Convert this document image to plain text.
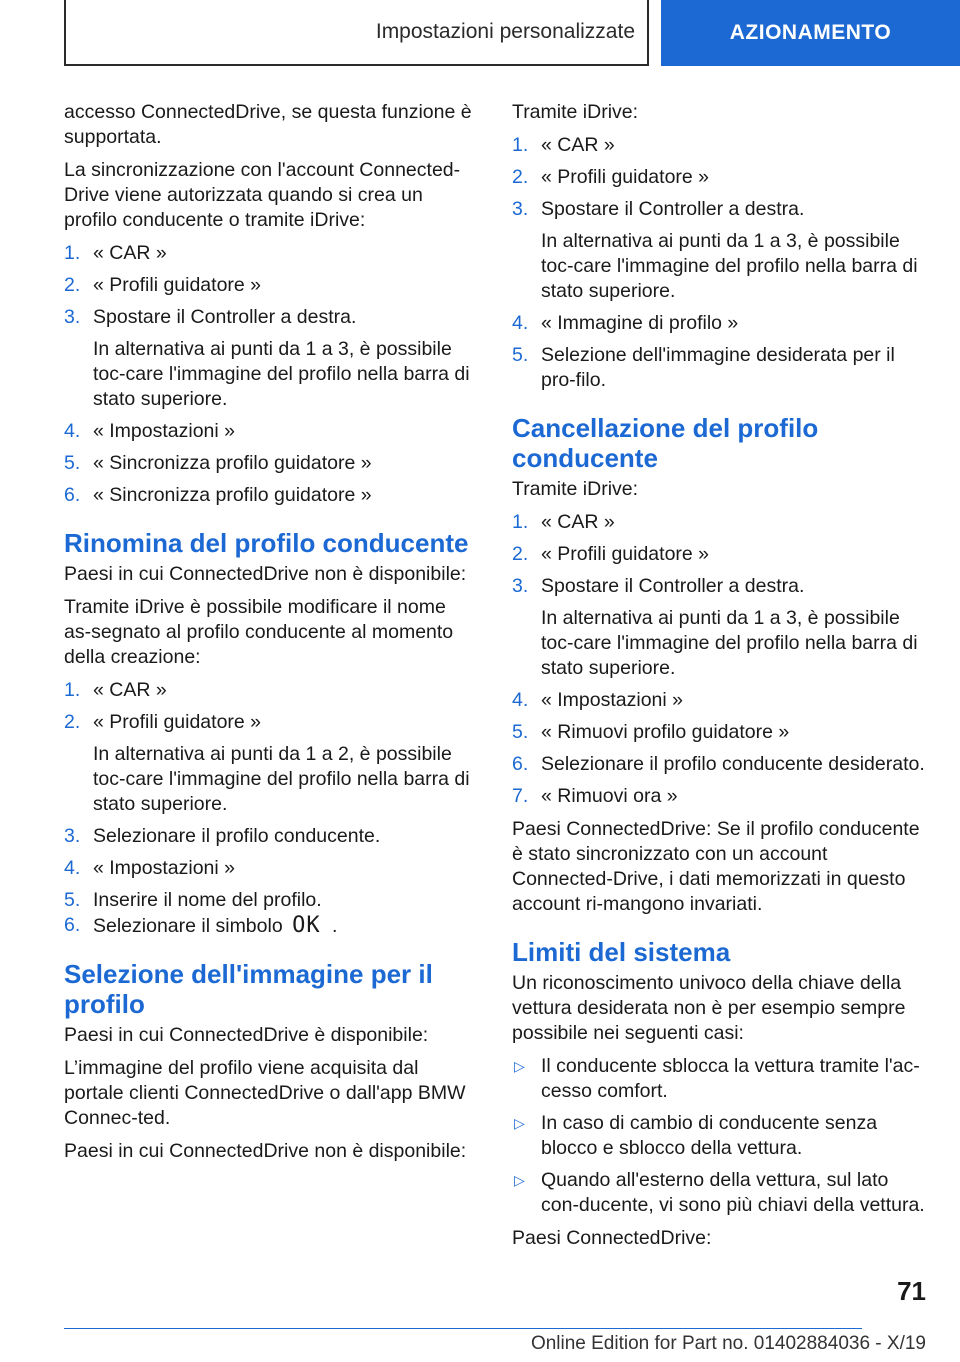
Impostazioni personalizzate	AZIONAMENTO

accesso ConnectedDrive, se questa funzione è supportata.

La sincronizzazione con l'account Connected-Drive viene autorizzata quando si crea un profilo conducente o tramite iDrive:

1. « CAR »
2. « Profili guidatore »
3. Spostare il Controller a destra.
In alternativa ai punti da 1 a 3, è possibile toc-care l'immagine del profilo nella barra di stato superiore.
4. « Impostazioni »
5. « Sincronizza profilo guidatore »
6. « Sincronizza profilo guidatore »
Rinomina del profilo conducente

Paesi in cui ConnectedDrive non è disponibile:

Tramite iDrive è possibile modificare il nome as-segnato al profilo conducente al momento della creazione:

1. « CAR »
2. « Profili guidatore »
In alternativa ai punti da 1 a 2, è possibile toc-care l'immagine del profilo nella barra di stato superiore.
3. Selezionare il profilo conducente.
4. « Impostazioni »
5. Inserire il nome del profilo.
6. Selezionare il simbolo OK .
Selezione dell'immagine per il profilo

Paesi in cui ConnectedDrive è disponibile:

L’immagine del profilo viene acquisita dal portale clienti ConnectedDrive o dall'app BMW Connec-ted.

Paesi in cui ConnectedDrive non è disponibile:

Tramite iDrive:

1. « CAR »
2. « Profili guidatore »
3. Spostare il Controller a destra.
In alternativa ai punti da 1 a 3, è possibile toc-care l'immagine del profilo nella barra di stato superiore.
4. « Immagine di profilo »
5. Selezione dell'immagine desiderata per il pro-filo.
Cancellazione del profilo conducente

Tramite iDrive:

1. « CAR »
2. « Profili guidatore »
3. Spostare il Controller a destra.
In alternativa ai punti da 1 a 3, è possibile toc-care l'immagine del profilo nella barra di stato superiore.
4. « Impostazioni »
5. « Rimuovi profilo guidatore »
6. Selezionare il profilo conducente desiderato.
7. « Rimuovi ora »

Paesi ConnectedDrive: Se il profilo conducente è stato sincronizzato con un account Connected-Drive, i dati memorizzati in questo account ri-mangono invariati.

Limiti del sistema

Un riconoscimento univoco della chiave della vettura desiderata non è per esempio sempre possibile nei seguenti casi:

▷ Il conducente sblocca la vettura tramite l'ac-cesso comfort.
▷ In caso di cambio di conducente senza blocco e sblocco della vettura.
▷ Quando all'esterno della vettura, sul lato con-ducente, vi sono più chiavi della vettura.

Paesi ConnectedDrive:

71
Online Edition for Part no. 01402884036 - X/19
